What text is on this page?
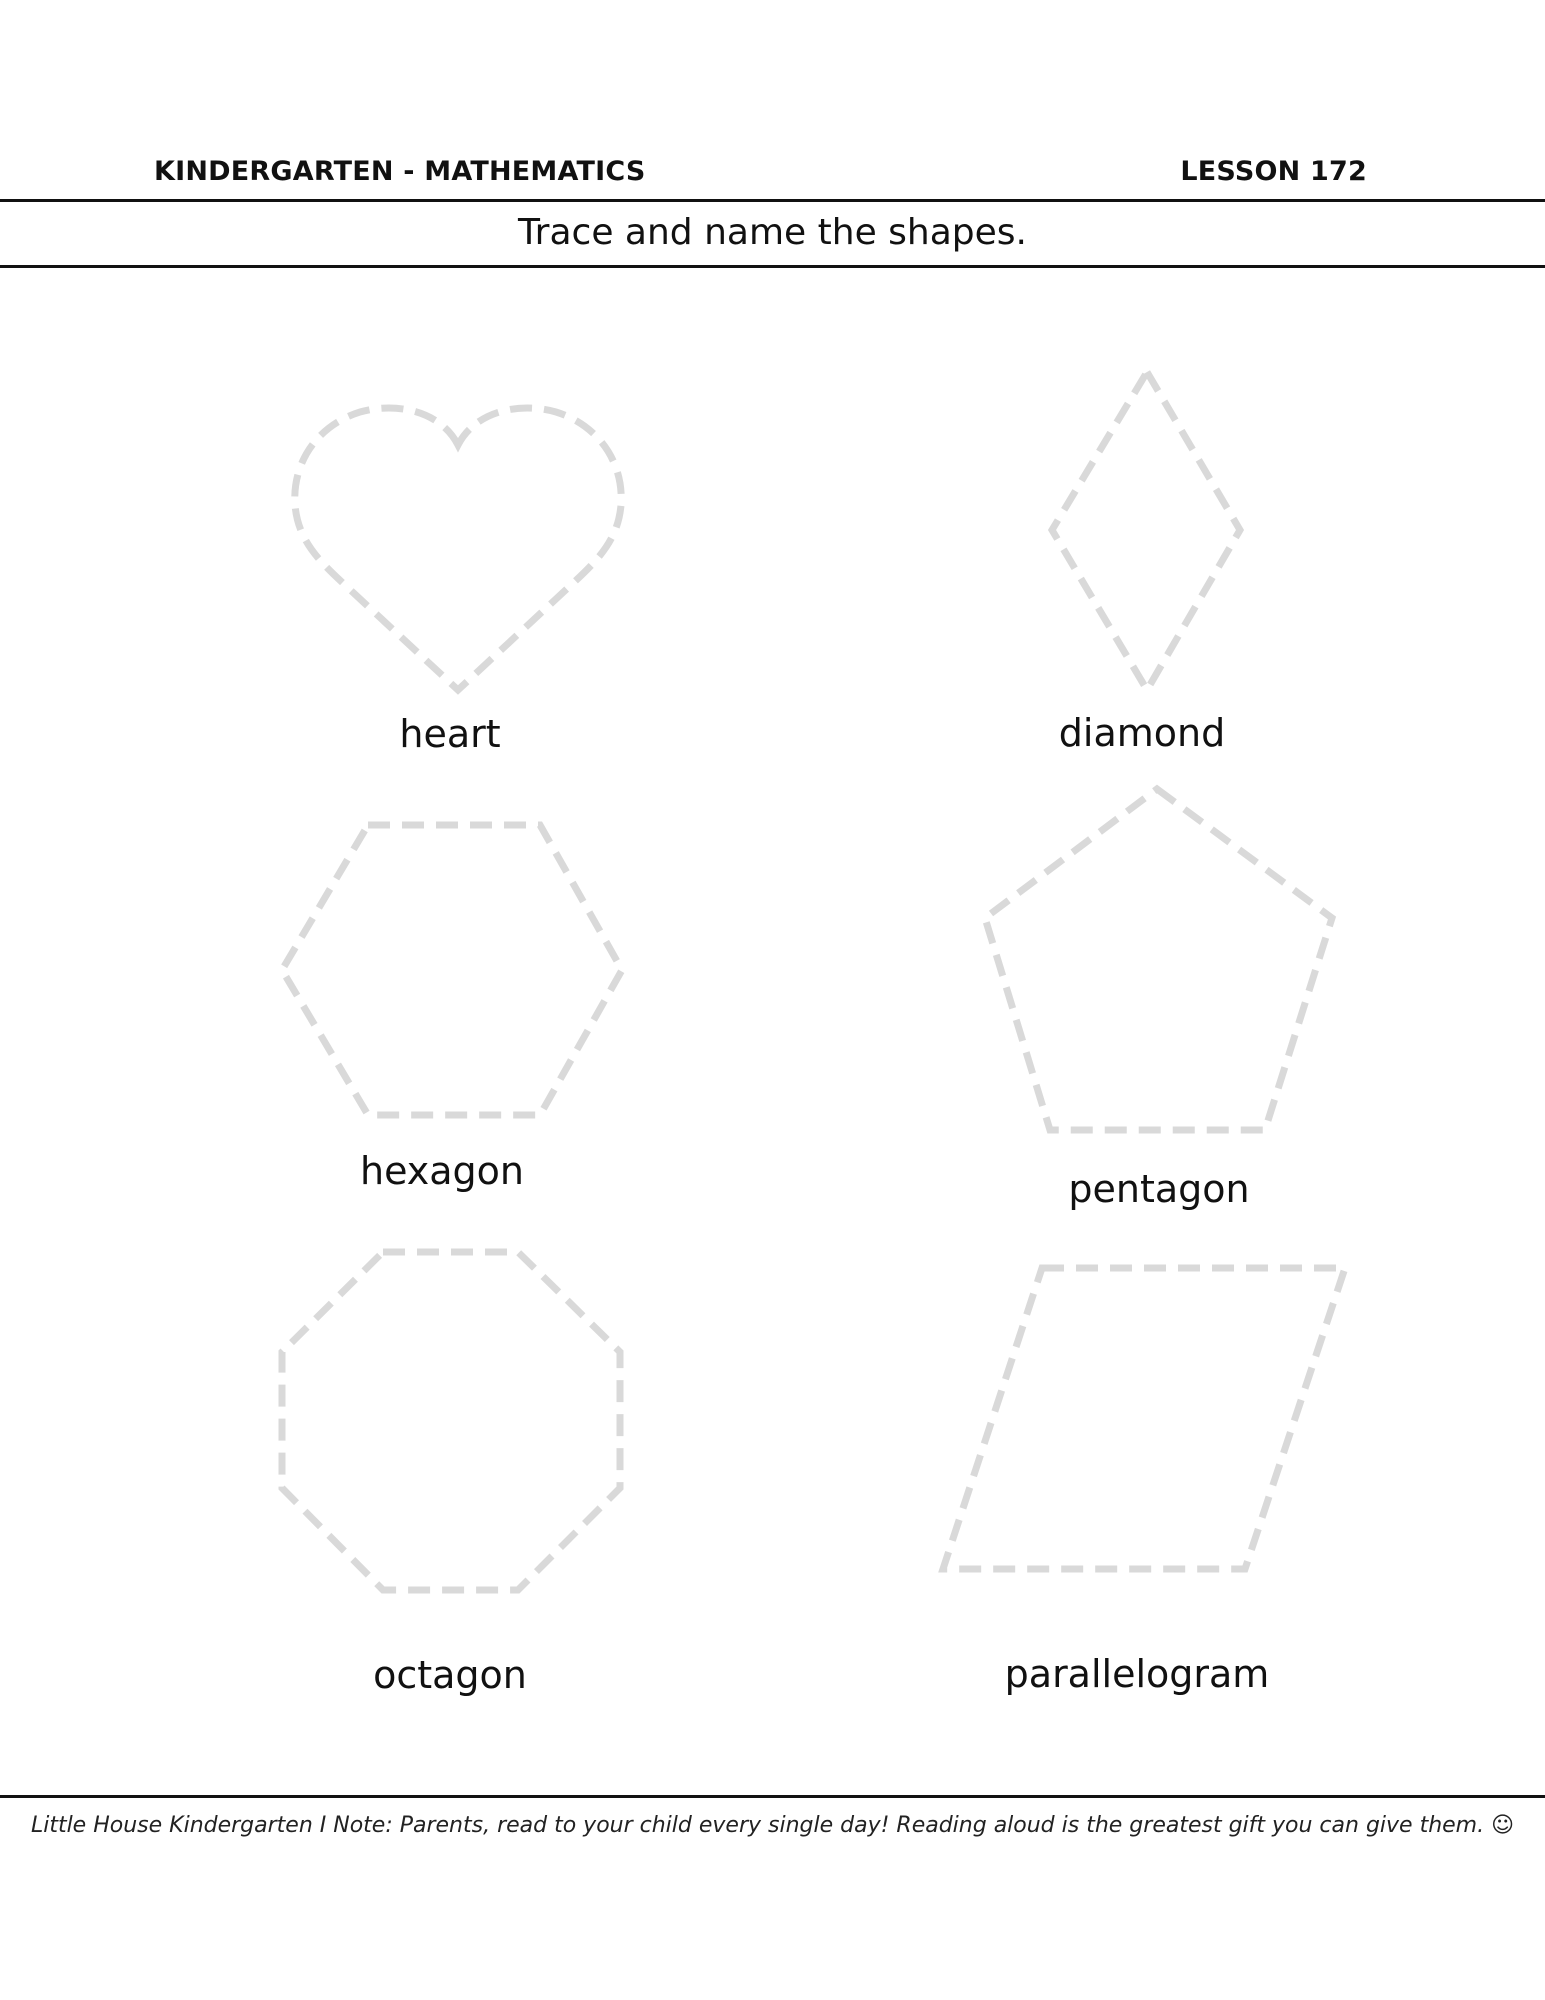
KINDERGARTEN - MATHEMATICS	LESSON 172
Trace and name the shapes.
heart	diamond
hexagon	pentagon
octagon	parallelogram
Little House Kindergarten I Note: Parents, read to your child every single day! Reading aloud is the greatest gift you can give them. ☺
